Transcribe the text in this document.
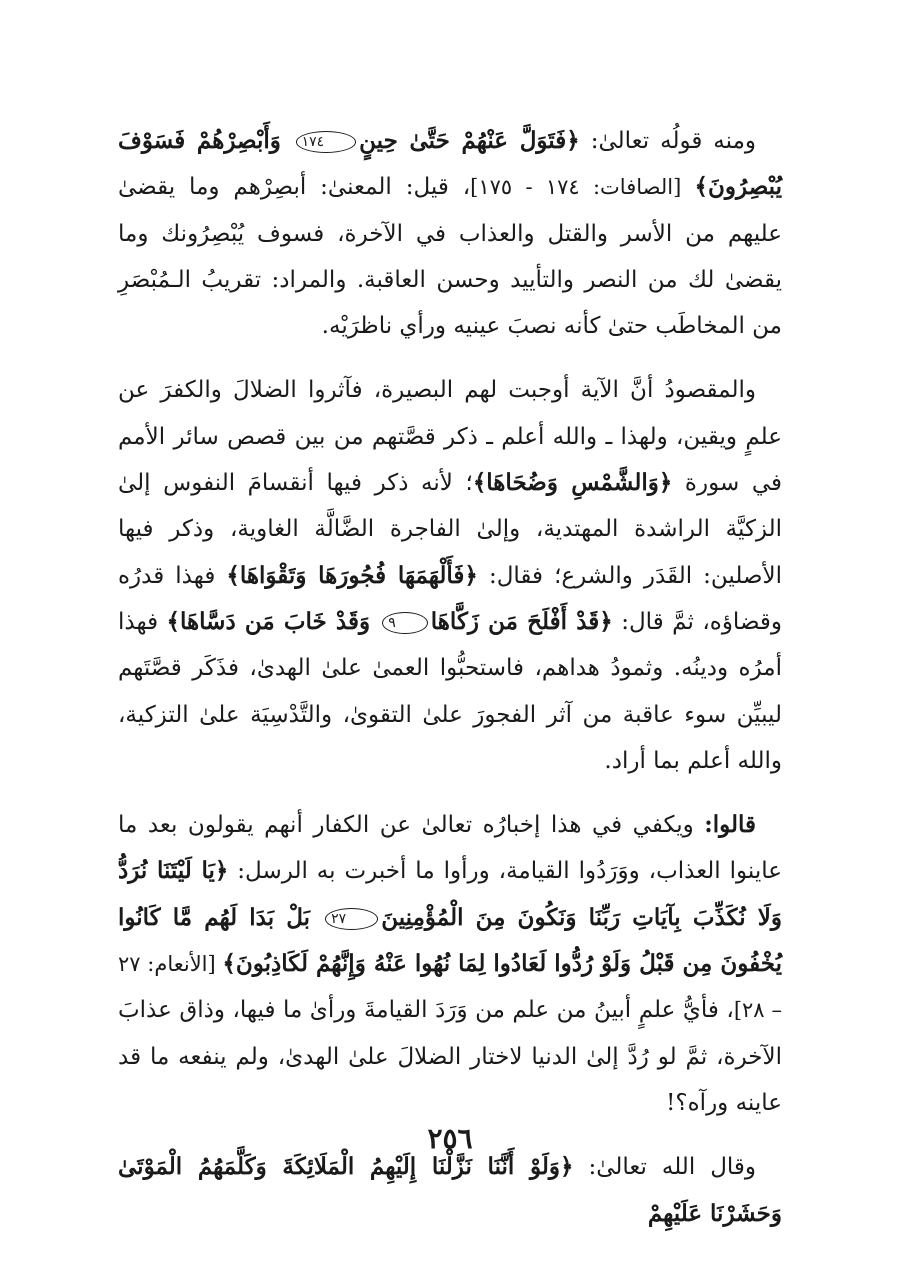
ومنه قولُه تعالىٰ: ﴿فَتَوَلَّ عَنْهُمْ حَتَّىٰ حِينٍ١٧٤ وَأَبْصِرْهُمْ فَسَوْفَ يُبْصِرُونَ﴾ [الصافات: ١٧٤ - ١٧٥]، قيل: المعنىٰ: أبصِرْهم وما يقضىٰ عليهم من الأسر والقتل والعذاب في الآخرة، فسوف يُبْصِرُونك وما يقضىٰ لك من النصر والتأييد وحسن العاقبة. والمراد: تقريبُ الـمُبْصَرِ من المخاطَب حتىٰ كأنه نصبَ عينيه ورأي ناظرَيْه.

والمقصودُ أنَّ الآية أوجبت لهم البصيرة، فآثروا الضلالَ والكفرَ عن علمٍ ويقين، ولهذا ـ والله أعلم ـ ذكر قصَّتهم من بين قصص سائر الأمم في سورة ﴿وَالشَّمْسِ وَضُحَاهَا﴾؛ لأنه ذكر فيها أنقسامَ النفوس إلىٰ الزكيَّة الراشدة المهتدية، وإلىٰ الفاجرة الضَّالَّة الغاوية، وذكر فيها الأصلين: القَدَر والشرع؛ فقال: ﴿فَأَلْهَمَهَا فُجُورَهَا وَتَقْوَاهَا﴾ فهذا قدرُه وقضاؤه، ثمَّ قال: ﴿قَدْ أَفْلَحَ مَن زَكَّاهَا٩ وَقَدْ خَابَ مَن دَسَّاهَا﴾ فهذا أمرُه ودينُه. وثمودُ هداهم، فاستحبُّوا العمىٰ علىٰ الهدىٰ، فذَكَر قصَّتَهم ليبيِّن سوء عاقبة من آثر الفجورَ علىٰ التقوىٰ، والتَّدْسِيَة علىٰ التزكية، والله أعلم بما أراد.

قالوا: ويكفي في هذا إخبارُه تعالىٰ عن الكفار أنهم يقولون بعد ما عاينوا العذاب، ووَرَدُوا القيامة، ورأوا ما أخبرت به الرسل: ﴿يَا لَيْتَنَا نُرَدُّ وَلَا نُكَذِّبَ بِآيَاتِ رَبِّنَا وَنَكُونَ مِنَ الْمُؤْمِنِينَ٢٧ بَلْ بَدَا لَهُم مَّا كَانُوا يُخْفُونَ مِن قَبْلُ وَلَوْ رُدُّوا لَعَادُوا لِمَا نُهُوا عَنْهُ وَإِنَّهُمْ لَكَاذِبُونَ﴾ [الأنعام: ٢٧ – ٢٨]، فأيُّ علمٍ أبينُ من علم من وَرَدَ القيامةَ ورأىٰ ما فيها، وذاق عذابَ الآخرة، ثمَّ لو رُدَّ إلىٰ الدنيا لاختار الضلالَ علىٰ الهدىٰ، ولم ينفعه ما قد عاينه ورآه؟!

وقال الله تعالىٰ: ﴿وَلَوْ أَنَّنَا نَزَّلْنَا إِلَيْهِمُ الْمَلَائِكَةَ وَكَلَّمَهُمُ الْمَوْتَىٰ وَحَشَرْنَا عَلَيْهِمْ

٢٥٦
